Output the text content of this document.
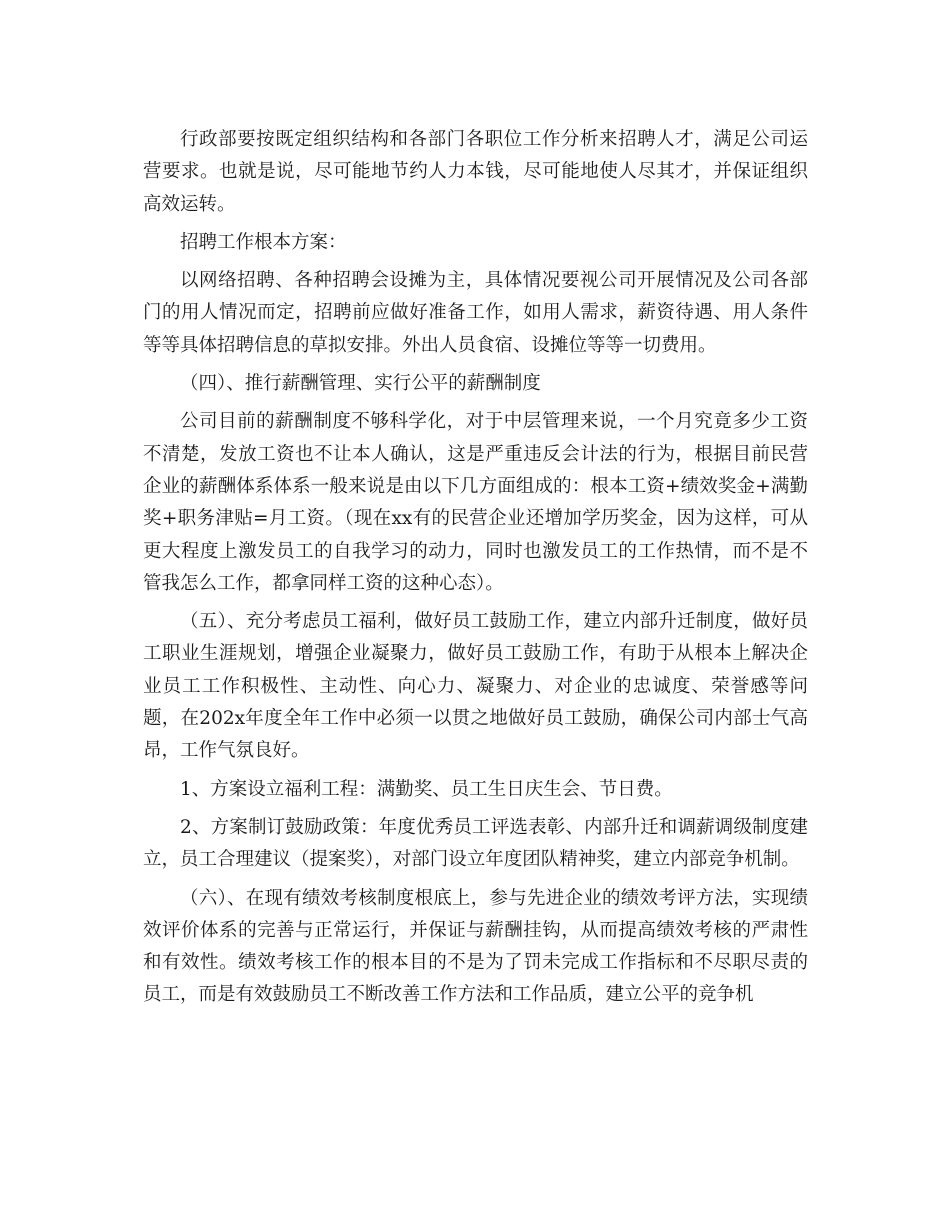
行政部要按既定组织结构和各部门各职位工作分析来招聘人才，满足公司运营要求。也就是说，尽可能地节约人力本钱，尽可能地使人尽其才，并保证组织高效运转。

招聘工作根本方案：

以网络招聘、各种招聘会设摊为主，具体情况要视公司开展情况及公司各部门的用人情况而定，招聘前应做好准备工作，如用人需求，薪资待遇、用人条件等等具体招聘信息的草拟安排。外出人员食宿、设摊位等等一切费用。

（四）、推行薪酬管理、实行公平的薪酬制度

公司目前的薪酬制度不够科学化，对于中层管理来说，一个月究竟多少工资不清楚，发放工资也不让本人确认，这是严重违反会计法的行为，根据目前民营企业的薪酬体系体系一般来说是由以下几方面组成的：根本工资+绩效奖金+满勤奖+职务津贴=月工资。（现在xx有的民营企业还增加学历奖金，因为这样，可从更大程度上激发员工的自我学习的动力，同时也激发员工的工作热情，而不是不管我怎么工作，都拿同样工资的这种心态）。

（五）、充分考虑员工福利，做好员工鼓励工作，建立内部升迁制度，做好员工职业生涯规划，增强企业凝聚力，做好员工鼓励工作，有助于从根本上解决企业员工工作积极性、主动性、向心力、凝聚力、对企业的忠诚度、荣誉感等问题，在202x年度全年工作中必须一以贯之地做好员工鼓励，确保公司内部士气高昂，工作气氛良好。

1、方案设立福利工程：满勤奖、员工生日庆生会、节日费。

2、方案制订鼓励政策：年度优秀员工评选表彰、内部升迁和调薪调级制度建立，员工合理建议（提案奖），对部门设立年度团队精神奖，建立内部竞争机制。

（六）、在现有绩效考核制度根底上，参与先进企业的绩效考评方法，实现绩效评价体系的完善与正常运行，并保证与薪酬挂钩，从而提高绩效考核的严肃性和有效性。绩效考核工作的根本目的不是为了罚未完成工作指标和不尽职尽责的员工，而是有效鼓励员工不断改善工作方法和工作品质，建立公平的竞争机
